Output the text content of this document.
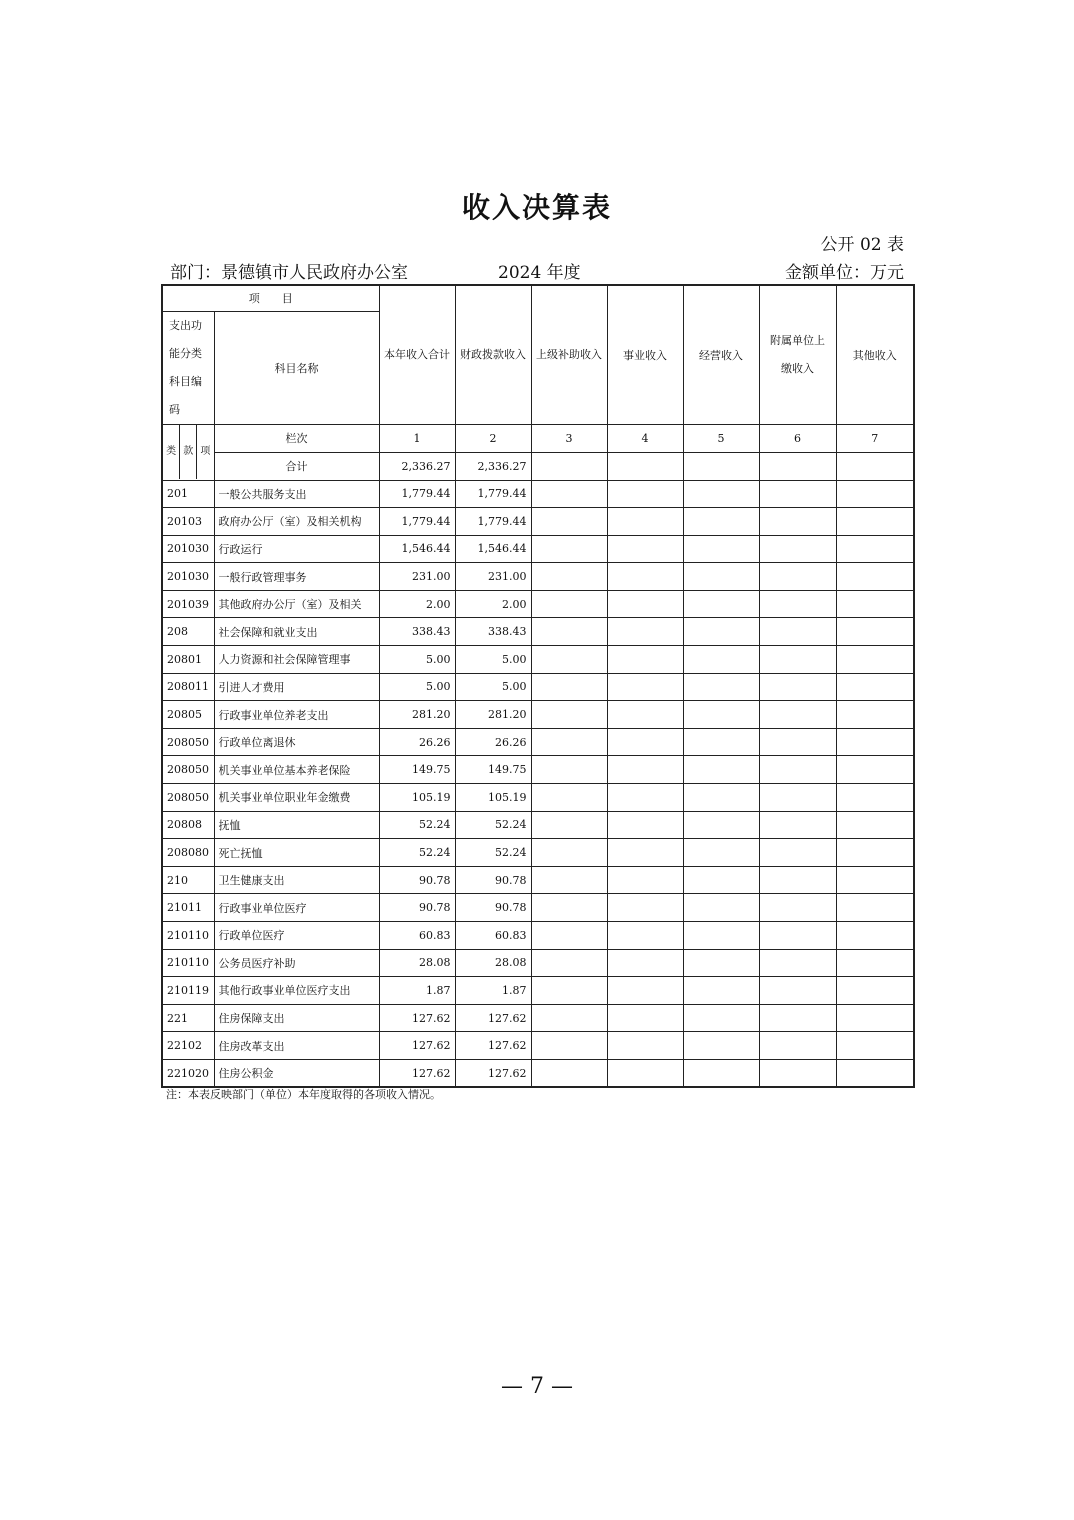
收入决算表
公开 02 表
部门：景德镇市人民政府办公室	2024 年度	金额单位：万元
项　　目		本年收入合计	财政拨款收入	上级补助收入	事业收入	经营收入	附属单位上缴收入	其他收入
支出功能分类科目编码	科目名称							

类 款 项	栏次	1	2	3	4	5	6	7
	合计	2,336.27	2,336.27					
201	一般公共服务支出	1,779.44	1,779.44					
20103	政府办公厅（室）及相关机构	1,779.44	1,779.44					
201030	行政运行	1,546.44	1,546.44					
201030	一般行政管理事务	231.00	231.00					
201039	其他政府办公厅（室）及相关	2.00	2.00					
208	社会保障和就业支出	338.43	338.43					
20801	人力资源和社会保障管理事	5.00	5.00					
208011	引进人才费用	5.00	5.00					
20805	行政事业单位养老支出	281.20	281.20					
208050	行政单位离退休	26.26	26.26					
208050	机关事业单位基本养老保险	149.75	149.75					
208050	机关事业单位职业年金缴费	105.19	105.19					
20808	抚恤	52.24	52.24					
208080	死亡抚恤	52.24	52.24					
210	卫生健康支出	90.78	90.78					
21011	行政事业单位医疗	90.78	90.78					
210110	行政单位医疗	60.83	60.83					
210110	公务员医疗补助	28.08	28.08					
210119	其他行政事业单位医疗支出	1.87	1.87					
221	住房保障支出	127.62	127.62					
22102	住房改革支出	127.62	127.62					
221020	住房公积金	127.62	127.62					
注：本表反映部门（单位）本年度取得的各项收入情况。
— 7 —
